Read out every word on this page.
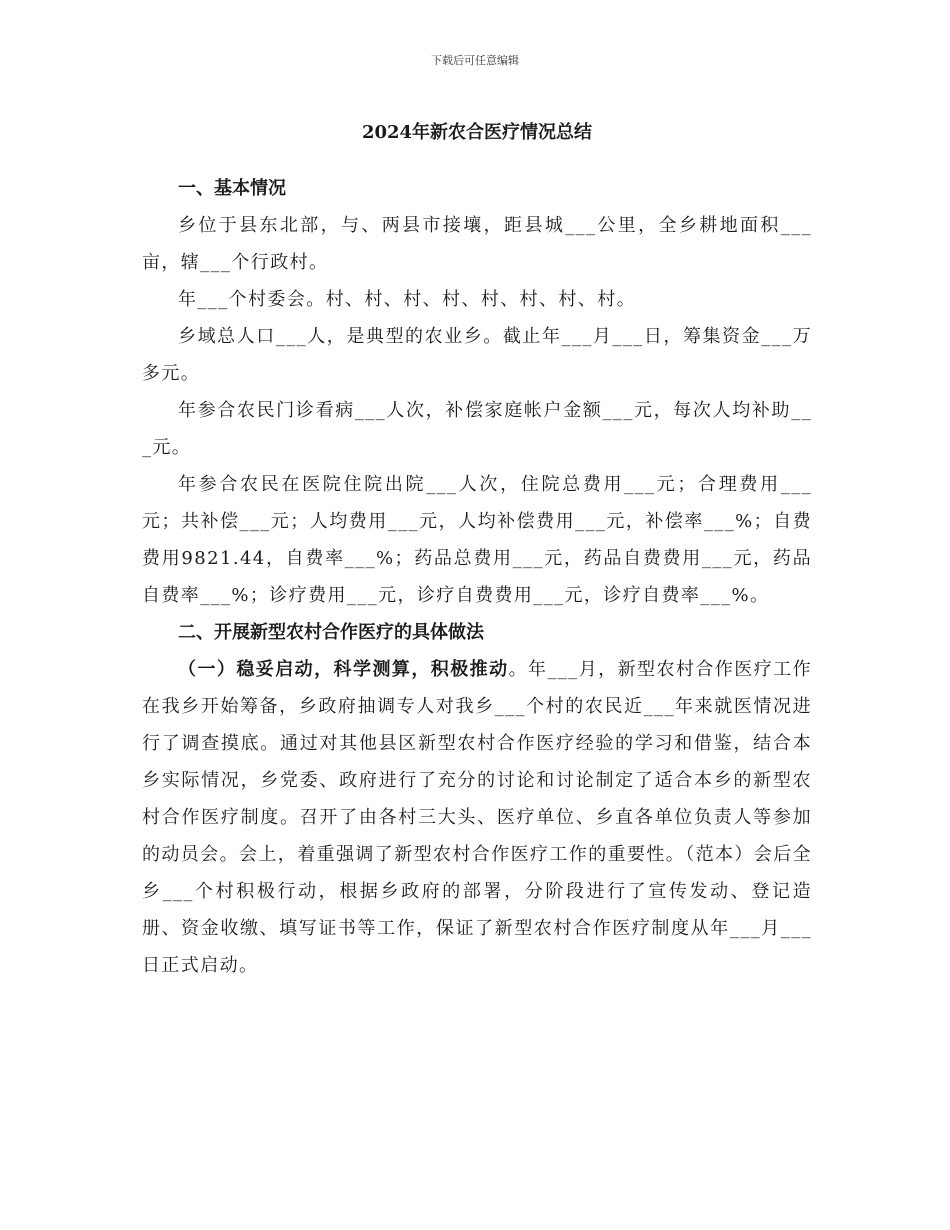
下载后可任意编辑
2024年新农合医疗情况总结
一、基本情况

乡位于县东北部，与、两县市接壤，距县城___公里，全乡耕地面积___亩，辖___个行政村。

年___个村委会。村、村、村、村、村、村、村、村。

乡域总人口___人，是典型的农业乡。截止年___月___日，筹集资金___万多元。

年参合农民门诊看病___人次，补偿家庭帐户金额___元，每次人均补助___元。

年参合农民在医院住院出院___人次，住院总费用___元；合理费用___元；共补偿___元；人均费用___元，人均补偿费用___元，补偿率___%；自费费用9821.44，自费率___%；药品总费用___元，药品自费费用___元，药品自费率___%；诊疗费用___元，诊疗自费费用___元，诊疗自费率___%。

二、开展新型农村合作医疗的具体做法

（一）稳妥启动，科学测算，积极推动。年___月，新型农村合作医疗工作在我乡开始筹备，乡政府抽调专人对我乡___个村的农民近___年来就医情况进行了调查摸底。通过对其他县区新型农村合作医疗经验的学习和借鉴，结合本乡实际情况，乡党委、政府进行了充分的讨论和讨论制定了适合本乡的新型农村合作医疗制度。召开了由各村三大头、医疗单位、乡直各单位负责人等参加的动员会。会上，着重强调了新型农村合作医疗工作的重要性。（范本）会后全乡___个村积极行动，根据乡政府的部署，分阶段进行了宣传发动、登记造册、资金收缴、填写证书等工作，保证了新型农村合作医疗制度从年___月___日正式启动。
